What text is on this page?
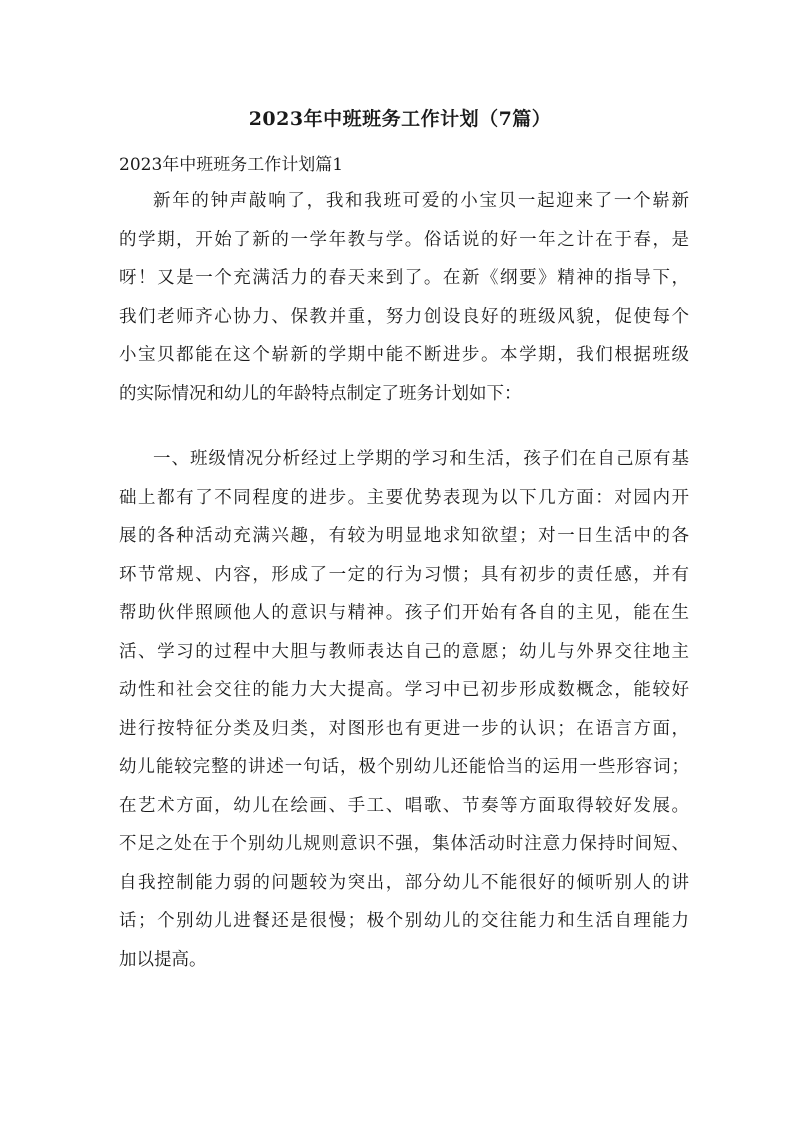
2023年中班班务工作计划（7篇）

2023年中班班务工作计划篇1

新年的钟声敲响了，我和我班可爱的小宝贝一起迎来了一个崭新
的学期，开始了新的一学年教与学。俗话说的好一年之计在于春，是
呀！又是一个充满活力的春天来到了。在新《纲要》精神的指导下，
我们老师齐心协力、保教并重，努力创设良好的班级风貌，促使每个
小宝贝都能在这个崭新的学期中能不断进步。本学期，我们根据班级
的实际情况和幼儿的年龄特点制定了班务计划如下：
一、班级情况分析经过上学期的学习和生活，孩子们在自己原有基
础上都有了不同程度的进步。主要优势表现为以下几方面：对园内开
展的各种活动充满兴趣，有较为明显地求知欲望；对一日生活中的各
环节常规、内容，形成了一定的行为习惯；具有初步的责任感，并有
帮助伙伴照顾他人的意识与精神。孩子们开始有各自的主见，能在生
活、学习的过程中大胆与教师表达自己的意愿；幼儿与外界交往地主
动性和社会交往的能力大大提高。学习中已初步形成数概念，能较好
进行按特征分类及归类，对图形也有更进一步的认识；在语言方面，
幼儿能较完整的讲述一句话，极个别幼儿还能恰当的运用一些形容词；
在艺术方面，幼儿在绘画、手工、唱歌、节奏等方面取得较好发展。
不足之处在于个别幼儿规则意识不强，集体活动时注意力保持时间短、
自我控制能力弱的问题较为突出，部分幼儿不能很好的倾听别人的讲
话；个别幼儿进餐还是很慢；极个别幼儿的交往能力和生活自理能力
加以提高。
